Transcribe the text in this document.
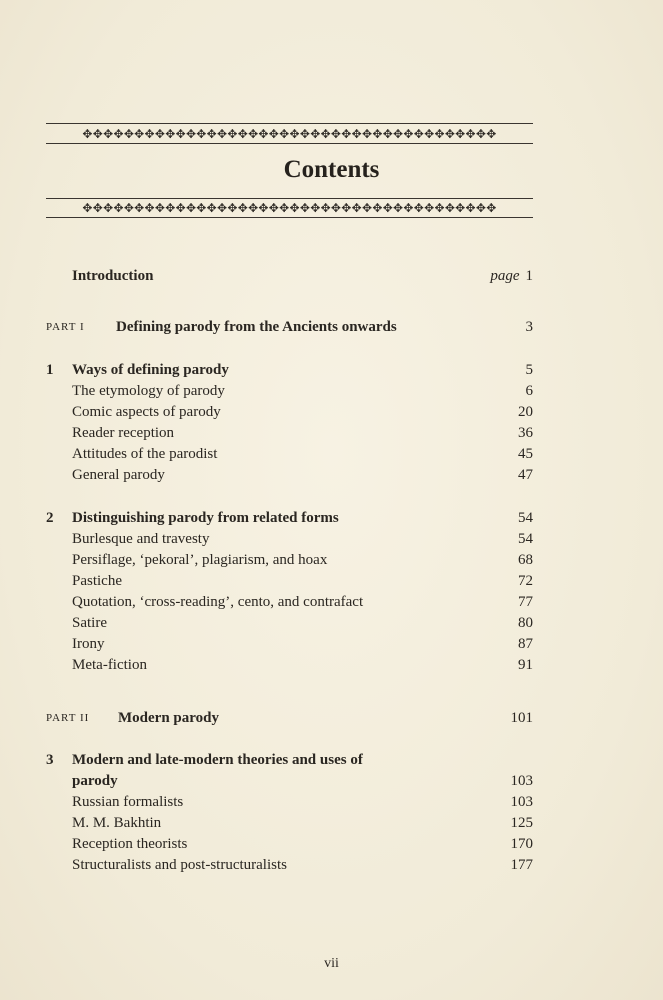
✥✥✥✥✥✥✥✥✥✥✥✥✥✥✥✥✥✥✥✥✥✥✥✥✥✥✥✥✥✥✥✥✥✥✥✥✥✥✥✥
Contents
✥✥✥✥✥✥✥✥✥✥✥✥✥✥✥✥✥✥✥✥✥✥✥✥✥✥✥✥✥✥✥✥✥✥✥✥✥✥✥✥
Introduction	page 1
PART I Defining parody from the Ancients onwards	3
1 Ways of defining parody	5
The etymology of parody	6
Comic aspects of parody	20
Reader reception	36
Attitudes of the parodist	45
General parody	47
2 Distinguishing parody from related forms	54
Burlesque and travesty	54
Persiflage, ‘pekoral’, plagiarism, and hoax	68
Pastiche	72
Quotation, ‘cross-reading’, cento, and contrafact	77
Satire	80
Irony	87
Meta-fiction	91
PART II Modern parody	101
3 Modern and late-modern theories and uses of
parody	103
Russian formalists	103
M. M. Bakhtin	125
Reception theorists	170
Structuralists and post-structuralists	177
vii
